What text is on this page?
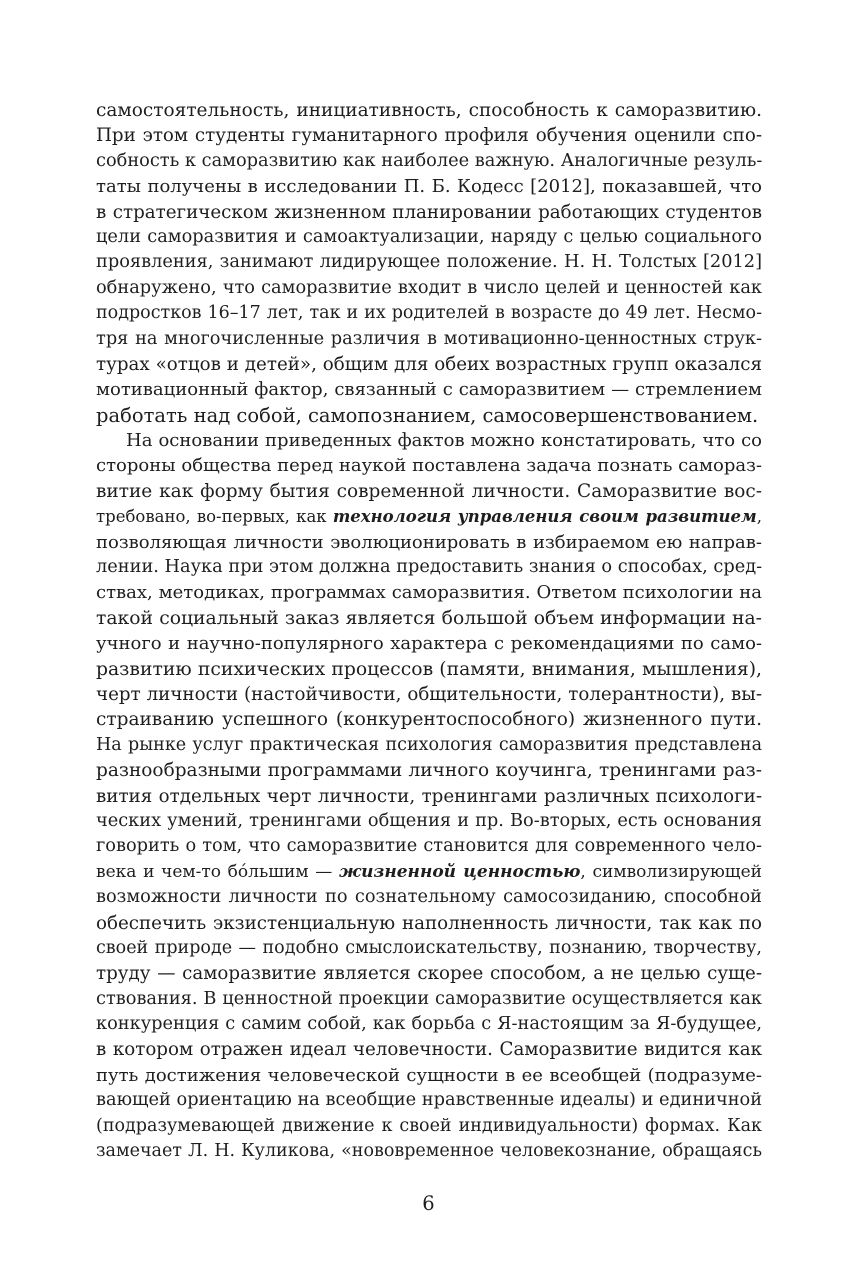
самостоятельность, инициативность, способность к саморазвитию.
При этом студенты гуманитарного профиля обучения оценили спо-
собность к саморазвитию как наиболее важную. Аналогичные резуль-
таты получены в исследовании П. Б. Кодесс [2012], показавшей, что
в стратегическом жизненном планировании работающих студентов
цели саморазвития и самоактуализации, наряду с целью социального
проявления, занимают лидирующее положение. Н. Н. Толстых [2012]
обнаружено, что саморазвитие входит в число целей и ценностей как
подростков 16–17 лет, так и их родителей в возрасте до 49 лет. Несмо-
тря на многочисленные различия в мотивационно-ценностных струк-
турах «отцов и детей», общим для обеих возрастных групп оказался
мотивационный фактор, связанный с саморазвитием — стремлением
работать над собой, самопознанием, самосовершенствованием.
На основании приведенных фактов можно констатировать, что со
стороны общества перед наукой поставлена задача познать самораз-
витие как форму бытия современной личности. Саморазвитие вос-
требовано, во-первых, как технология управления своим развитием,
позволяющая личности эволюционировать в избираемом ею направ-
лении. Наука при этом должна предоставить знания о способах, сред-
ствах, методиках, программах саморазвития. Ответом психологии на
такой социальный заказ является большой объем информации на-
учного и научно-популярного характера с рекомендациями по само-
развитию психических процессов (памяти, внимания, мышления),
черт личности (настойчивости, общительности, толерантности), вы-
страиванию успешного (конкурентоспособного) жизненного пути.
На рынке услуг практическая психология саморазвития представлена
разнообразными программами личного коучинга, тренингами раз-
вития отдельных черт личности, тренингами различных психологи-
ческих умений, тренингами общения и пр. Во-вторых, есть основания
говорить о том, что саморазвитие становится для современного чело-
века и чем-то бóльшим — жизненной ценностью, символизирующей
возможности личности по сознательному самосозиданию, способной
обеспечить экзистенциальную наполненность личности, так как по
своей природе — подобно смыслоискательству, познанию, творчеству,
труду — саморазвитие является скорее способом, а не целью суще-
ствования. В ценностной проекции саморазвитие осуществляется как
конкуренция с самим собой, как борьба с Я-настоящим за Я-будущее,
в котором отражен идеал человечности. Саморазвитие видится как
путь достижения человеческой сущности в ее всеобщей (подразуме-
вающей ориентацию на всеобщие нравственные идеалы) и единичной
(подразумевающей движение к своей индивидуальности) формах. Как
замечает Л. Н. Куликова, «нововременное человекознание, обращаясь
6
